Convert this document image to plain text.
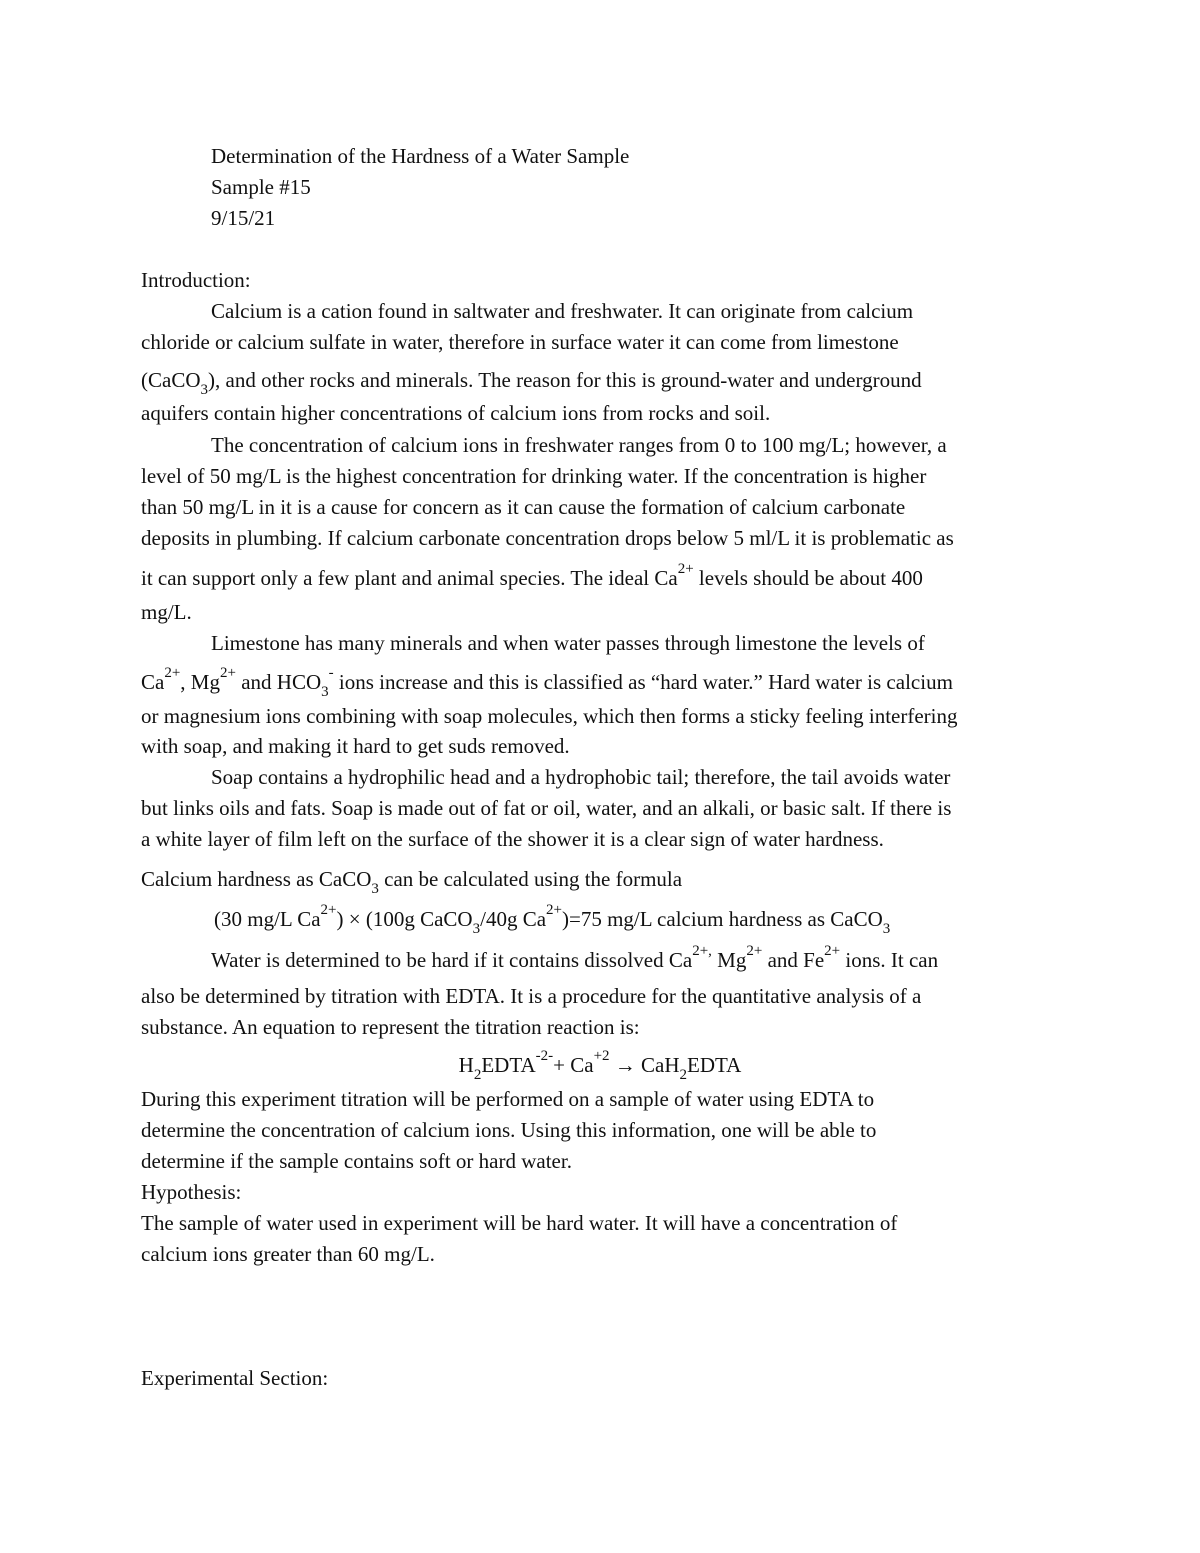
Determination of the Hardness of a Water Sample
Sample #15
9/15/21
Introduction:
Calcium is a cation found in saltwater and freshwater. It can originate from calcium
chloride or calcium sulfate in water, therefore in surface water it can come from limestone
(CaCO$_3$), and other rocks and minerals. The reason for this is ground-water and underground
aquifers contain higher concentrations of calcium ions from rocks and soil.
The concentration of calcium ions in freshwater ranges from 0 to 100 mg/L; however, a
level of 50 mg/L is the highest concentration for drinking water. If the concentration is higher
than 50 mg/L in it is a cause for concern as it can cause the formation of calcium carbonate
deposits in plumbing. If calcium carbonate concentration drops below 5 ml/L it is problematic as
it can support only a few plant and animal species. The ideal $Ca^{2+}$ levels should be about 400
mg/L.
Limestone has many minerals and when water passes through limestone the levels of
$Ca^{2+}$, $Mg^{2+}$ and $HCO_3^-$ ions increase and this is classified as “hard water.” Hard water is calcium
or magnesium ions combining with soap molecules, which then forms a sticky feeling interfering
with soap, and making it hard to get suds removed.
Soap contains a hydrophilic head and a hydrophobic tail; therefore, the tail avoids water
but links oils and fats. Soap is made out of fat or oil, water, and an alkali, or basic salt. If there is
a white layer of film left on the surface of the shower it is a clear sign of water hardness.
Calcium hardness as CaCO$_3$ can be calculated using the formula
(30 mg/L $Ca^{2+}) \times (100g$ CaCO$_3$/40g $Ca^{2+})=75$ mg/L calcium hardness as CaCO$_3$
Water is determined to be hard if it contains dissolved $Ca^{2+,}$ $Mg^{2+}$ and $Fe^{2+}$ ions. It can
also be determined by titration with EDTA. It is a procedure for the quantitative analysis of a
substance. An equation to represent the titration reaction is:
$H_2EDTA^{-2-}+ Ca^{+2}$ → CaH$_2$EDTA
During this experiment titration will be performed on a sample of water using EDTA to
determine the concentration of calcium ions. Using this information, one will be able to
determine if the sample contains soft or hard water.
Hypothesis:
The sample of water used in experiment will be hard water. It will have a concentration of
calcium ions greater than 60 mg/L.
Experimental Section:
